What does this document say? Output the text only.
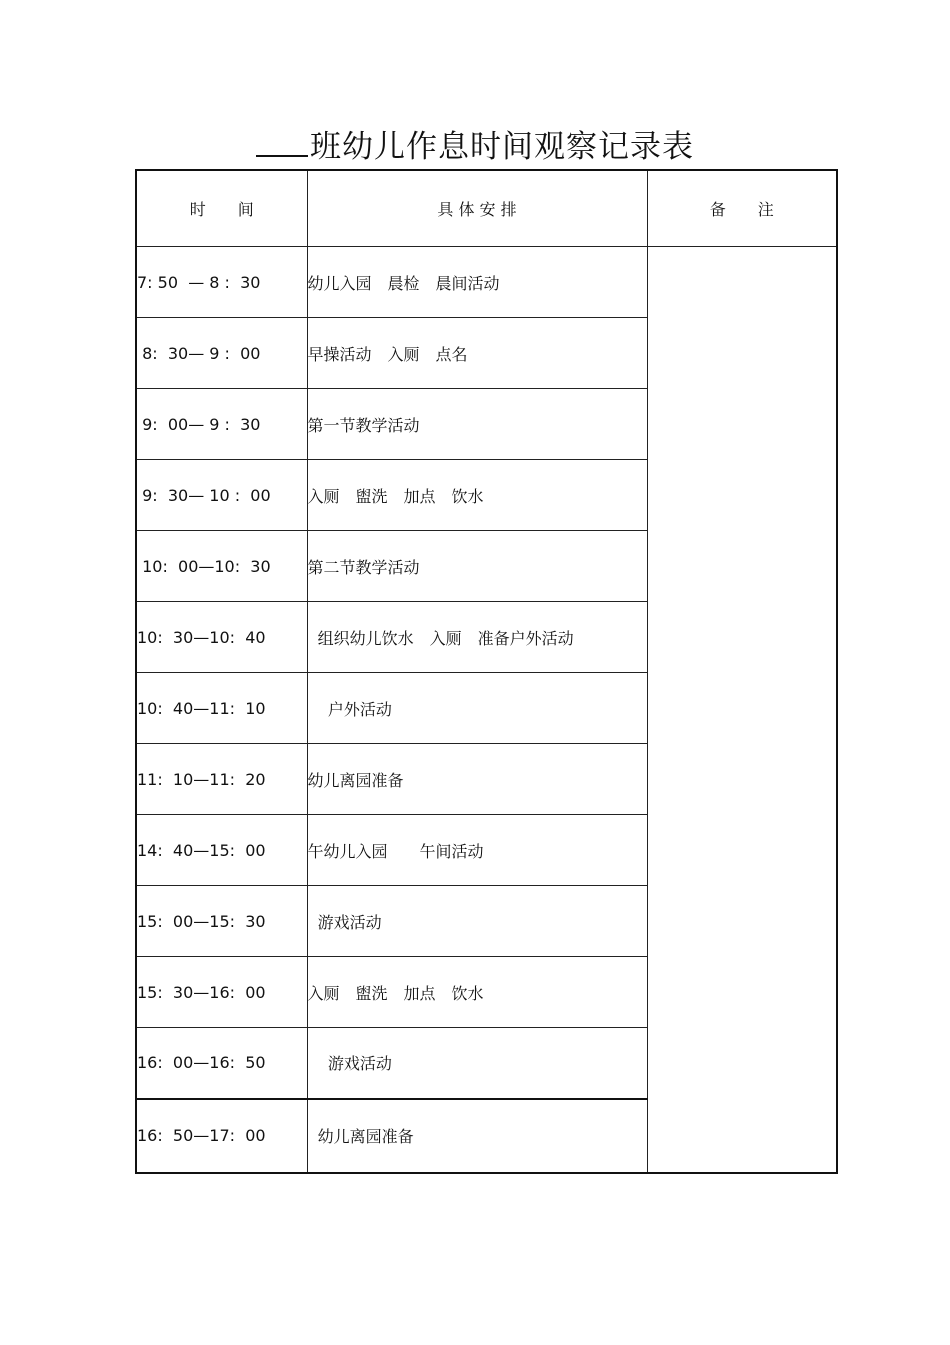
班幼儿作息时间观察记录表
时　　间	具 体 安 排	备　　注
7: 50  — 8 :  30	幼儿入园　晨检　晨间活动	
8:  30— 9 :  00	早操活动　入厕　点名	
9:  00— 9 :  30	第一节教学活动	
9:  30— 10 :  00	入厕　盥洗　加点　饮水	
10:  00—10:  30	第二节教学活动	
10:  30—10:  40	组织幼儿饮水　入厕　准备户外活动	
10:  40—11:  10	户外活动	
11:  10—11:  20	幼儿离园准备	
14:  40—15:  00	午幼儿入园　　午间活动	
15:  00—15:  30	游戏活动	
15:  30—16:  00	入厕　盥洗　加点　饮水	
16:  00—16:  50	游戏活动	
16:  50—17:  00	幼儿离园准备	
